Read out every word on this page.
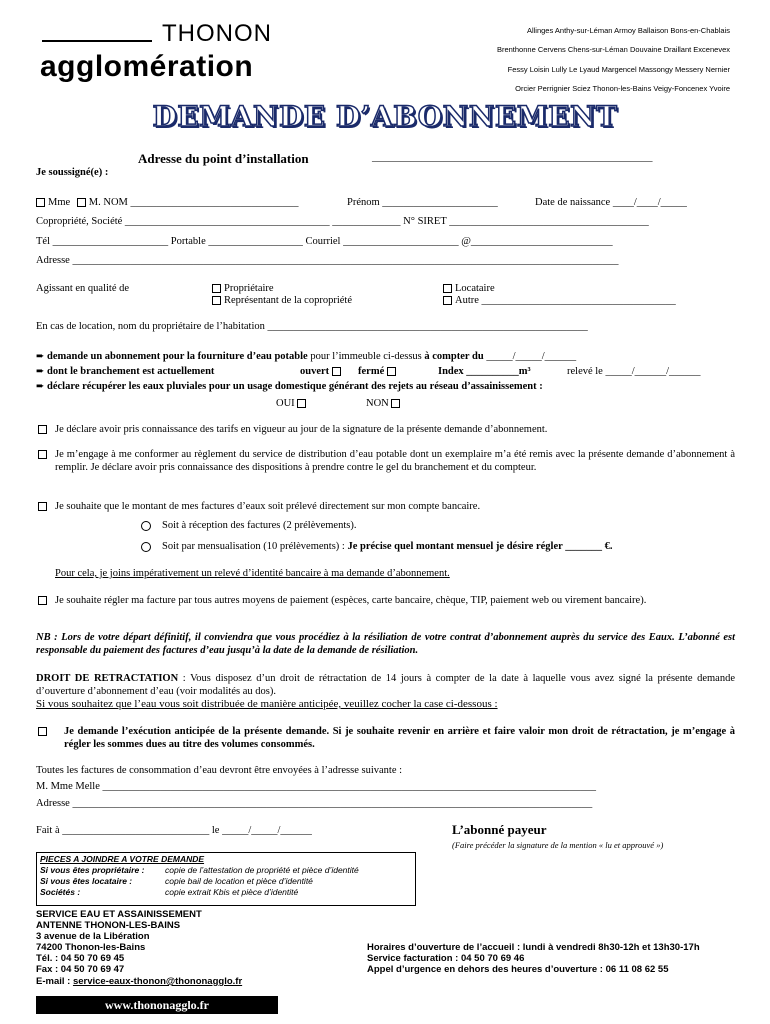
THONON
agglomération
Allinges Anthy-sur-Léman Armoy Ballaison Bons-en-Chablais
Brenthonne Cervens Chens-sur-Léman Douvaine Draillant Excenevex
Fessy Loisin Lully Le Lyaud Margencel Massongy Messery Nernier
Orcier Perrignier Sciez Thonon-les-Bains Veigy-Foncenex Yvoire
DEMANDE D’ABONNEMENT
Adresse du point d’installation	___________________________________________________
Je soussigné(e) :
Mme M. NOM ________________________________	Prénom ______________________	Date de naissance ____/____/_____
Copropriété, Société _______________________________________ _____________ N° SIRET ______________________________________
Tél ______________________ Portable __________________ Courriel ______________________ @___________________________
Adresse ________________________________________________________________________________________________________
Agissant en qualité de	Propriétaire
Représentant de la copropriété
Locataire
Autre _____________________________________
En cas de location, nom du propriétaire de l’habitation _____________________________________________________________
➨ demande un abonnement pour la fourniture d’eau potable pour l’immeuble ci-dessus à compter du _____/_____/______
➨ dont le branchement est actuellement	ouvert	fermé	Index __________m³	relevé le _____/______/______
➨ déclare récupérer les eaux pluviales pour un usage domestique générant des rejets au réseau d’assainissement :
OUI	NON
Je déclare avoir pris connaissance des tarifs en vigueur au jour de la signature de la présente demande d’abonnement.
Je m’engage à me conformer au règlement du service de distribution d’eau potable dont un exemplaire m’a été remis avec la présente demande d’abonnement à remplir. Je déclare avoir pris connaissance des dispositions à prendre contre le gel du branchement et du compteur.
Je souhaite que le montant de mes factures d’eaux soit prélevé directement sur mon compte bancaire.
Soit à réception des factures (2 prélèvements).
Soit par mensualisation (10 prélèvements) : Je précise quel montant mensuel je désire régler _______ €.
Pour cela, je joins impérativement un relevé d’identité bancaire à ma demande d’abonnement.
Je souhaite régler ma facture par tous autres moyens de paiement (espèces, carte bancaire, chèque, TIP, paiement web ou virement bancaire).
NB : Lors de votre départ définitif, il conviendra que vous procédiez à la résiliation de votre contrat d’abonnement auprès du service des Eaux. L’abonné est responsable du paiement des factures d’eau jusqu’à la date de la demande de résiliation.
DROIT DE RETRACTATION : Vous disposez d’un droit de rétractation de 14 jours à compter de la date à laquelle vous avez signé la présente demande d’ouverture d’abonnement d’eau (voir modalités au dos).
Si vous souhaitez que l’eau vous soit distribuée de manière anticipée, veuillez cocher la case ci-dessous :
Je demande l’exécution anticipée de la présente demande. Si je souhaite revenir en arrière et faire valoir mon droit de rétractation, je m’engage à régler les sommes dues au titre des volumes consommés.
Toutes les factures de consommation d’eau devront être envoyées à l’adresse suivante :
M. Mme Melle ______________________________________________________________________________________________
Adresse ___________________________________________________________________________________________________
Fait à ____________________________ le _____/_____/______	L’abonné payeur
(Faire précéder la signature de la mention « lu et approuvé »)
PIECES A JOINDRE A VOTRE DEMANDE
Si vous êtes propriétaire : copie de l’attestation de propriété et pièce d’identité
Si vous êtes locataire :	copie bail de location et pièce d’identité
Sociétés :	copie extrait Kbis et pièce d’identité
SERVICE EAU ET ASSAINISSEMENT
ANTENNE THONON-LES-BAINS
3 avenue de la Libération
74200 Thonon-les-Bains
Tél. : 04 50 70 69 45
Fax : 04 50 70 69 47
E-mail : service-eaux-thonon@thononagglo.fr
Horaires d’ouverture de l’accueil : lundi à vendredi 8h30-12h et 13h30-17h
Service facturation : 04 50 70 69 46
Appel d’urgence en dehors des heures d’ouverture : 06 11 08 62 55
www.thononagglo.fr
